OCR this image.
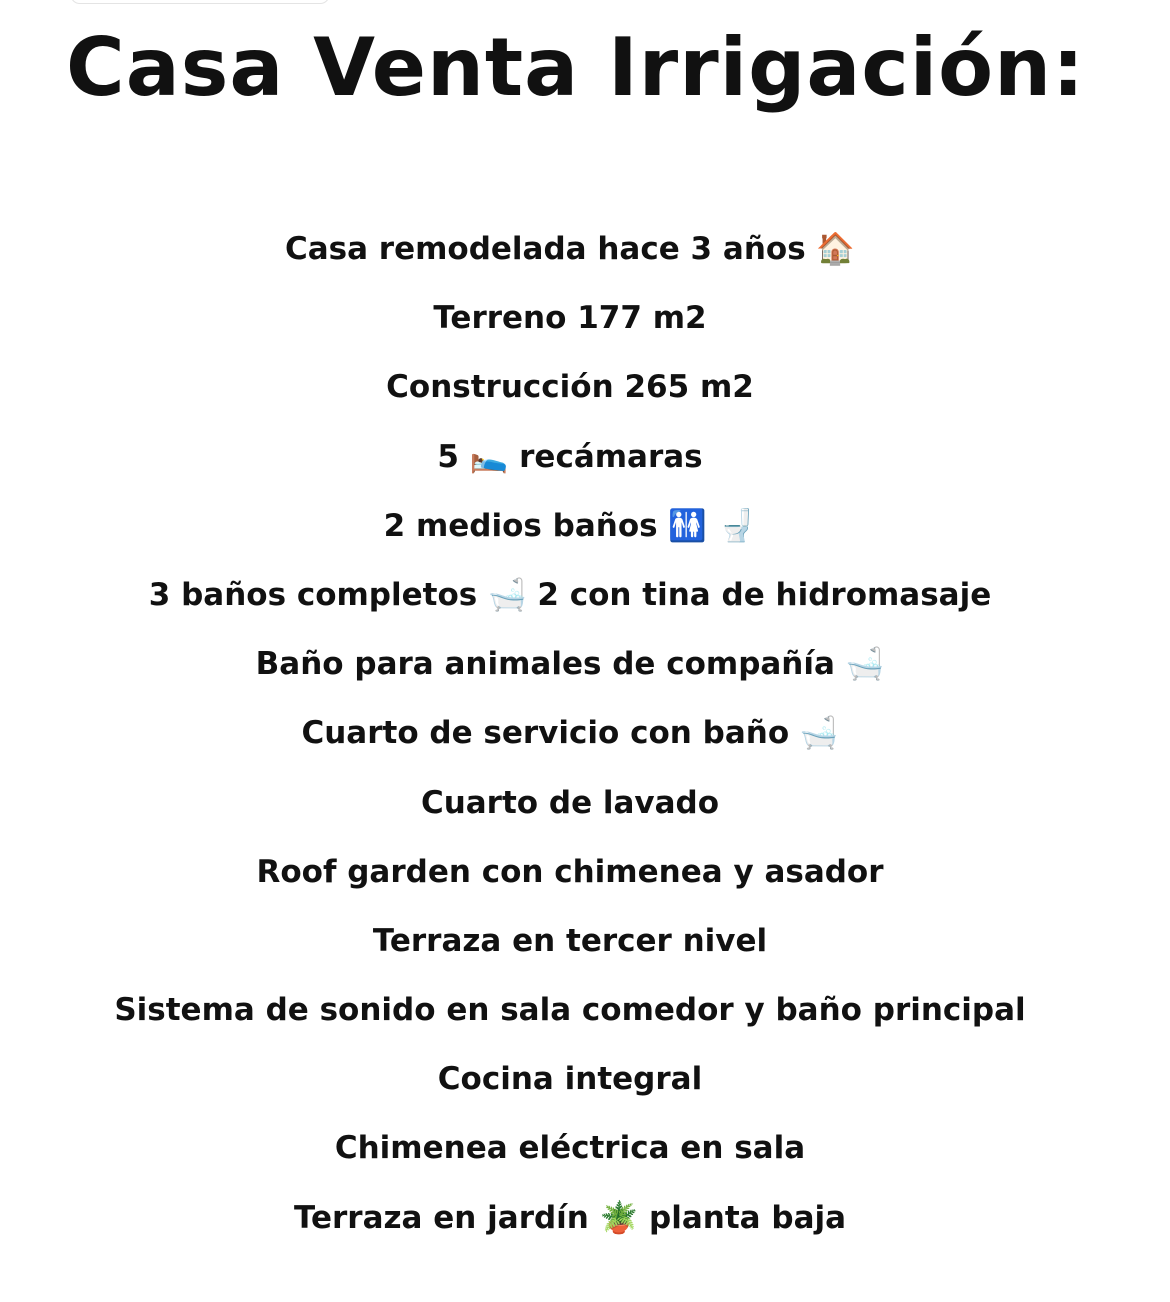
Casa Venta Irrigación:
Casa remodelada hace 3 años 🏠
Terreno 177 m2
Construcción 265 m2
5 🛌 recámaras
2 medios baños 🚻 🚽
3 baños completos 🛁 2 con tina de hidromasaje
Baño para animales de compañía 🛁
Cuarto de servicio con baño 🛁
Cuarto de lavado
Roof garden con chimenea y asador
Terraza en tercer nivel
Sistema de sonido en sala comedor y baño principal
Cocina integral
Chimenea eléctrica en sala
Terraza en jardín 🪴 planta baja
